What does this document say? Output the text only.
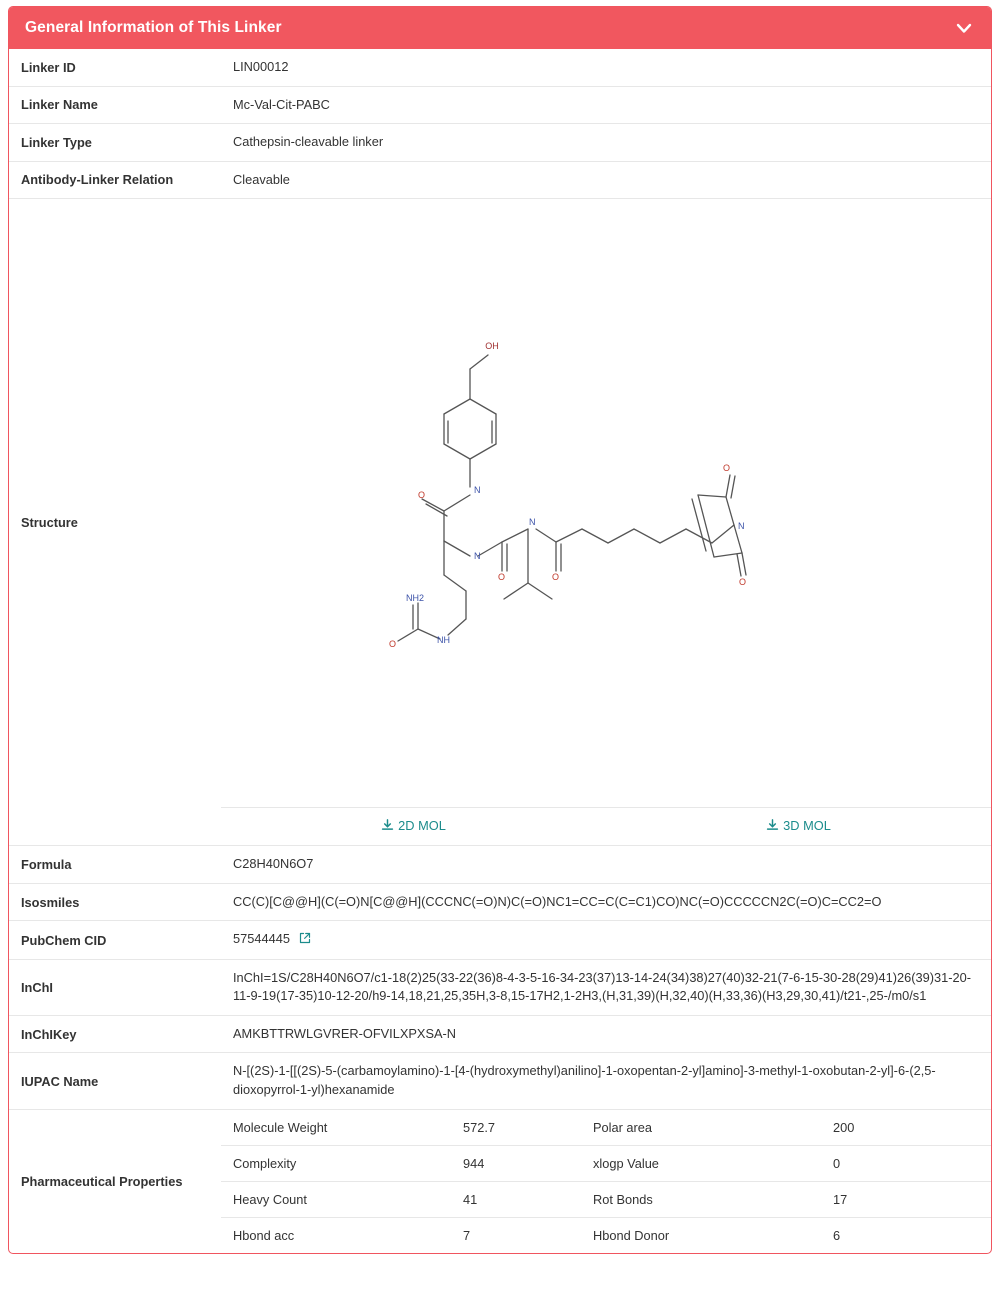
General Information of This Linker
Linker ID	LIN00012
Linker Name	Mc-Val-Cit-PABC
Linker Type	Cathepsin-cleavable linker
Antibody-Linker Relation	Cleavable
Structure	
OH
N
O
N
O
N
O
O
O
N
NH
O
NH2
2D MOL	3D MOL

Formula	C28H40N6O7
Isosmiles	CC(C)[C@@H](C(=O)N[C@@H](CCCNC(=O)N)C(=O)NC1=CC=C(C=C1)CO)NC(=O)CCCCCN2C(=O)C=CC2=O
PubChem CID	57544445
InChI	InChI=1S/C28H40N6O7/c1-18(2)25(33-22(36)8-4-3-5-16-34-23(37)13-14-24(34)38)27(40)32-21(7-6-15-30-28(29)41)26(39)31-20-11-9-19(17-35)10-12-20/h9-14,18,21,25,35H,3-8,15-17H2,1-2H3,(H,31,39)(H,32,40)(H,33,36)(H3,29,30,41)/t21-,25-/m0/s1
InChIKey	AMKBTTRWLGVRER-OFVILXPXSA-N
IUPAC Name	N-[(2S)-1-[[(2S)-5-(carbamoylamino)-1-[4-(hydroxymethyl)anilino]-1-oxopentan-2-yl]amino]-3-methyl-1-oxobutan-2-yl]-6-(2,5-dioxopyrrol-1-yl)hexanamide
Pharmaceutical Properties	
Molecule Weight	572.7	Polar area	200
Complexity	944	xlogp Value	0
Heavy Count	41	Rot Bonds	17
Hbond acc	7	Hbond Donor	6
